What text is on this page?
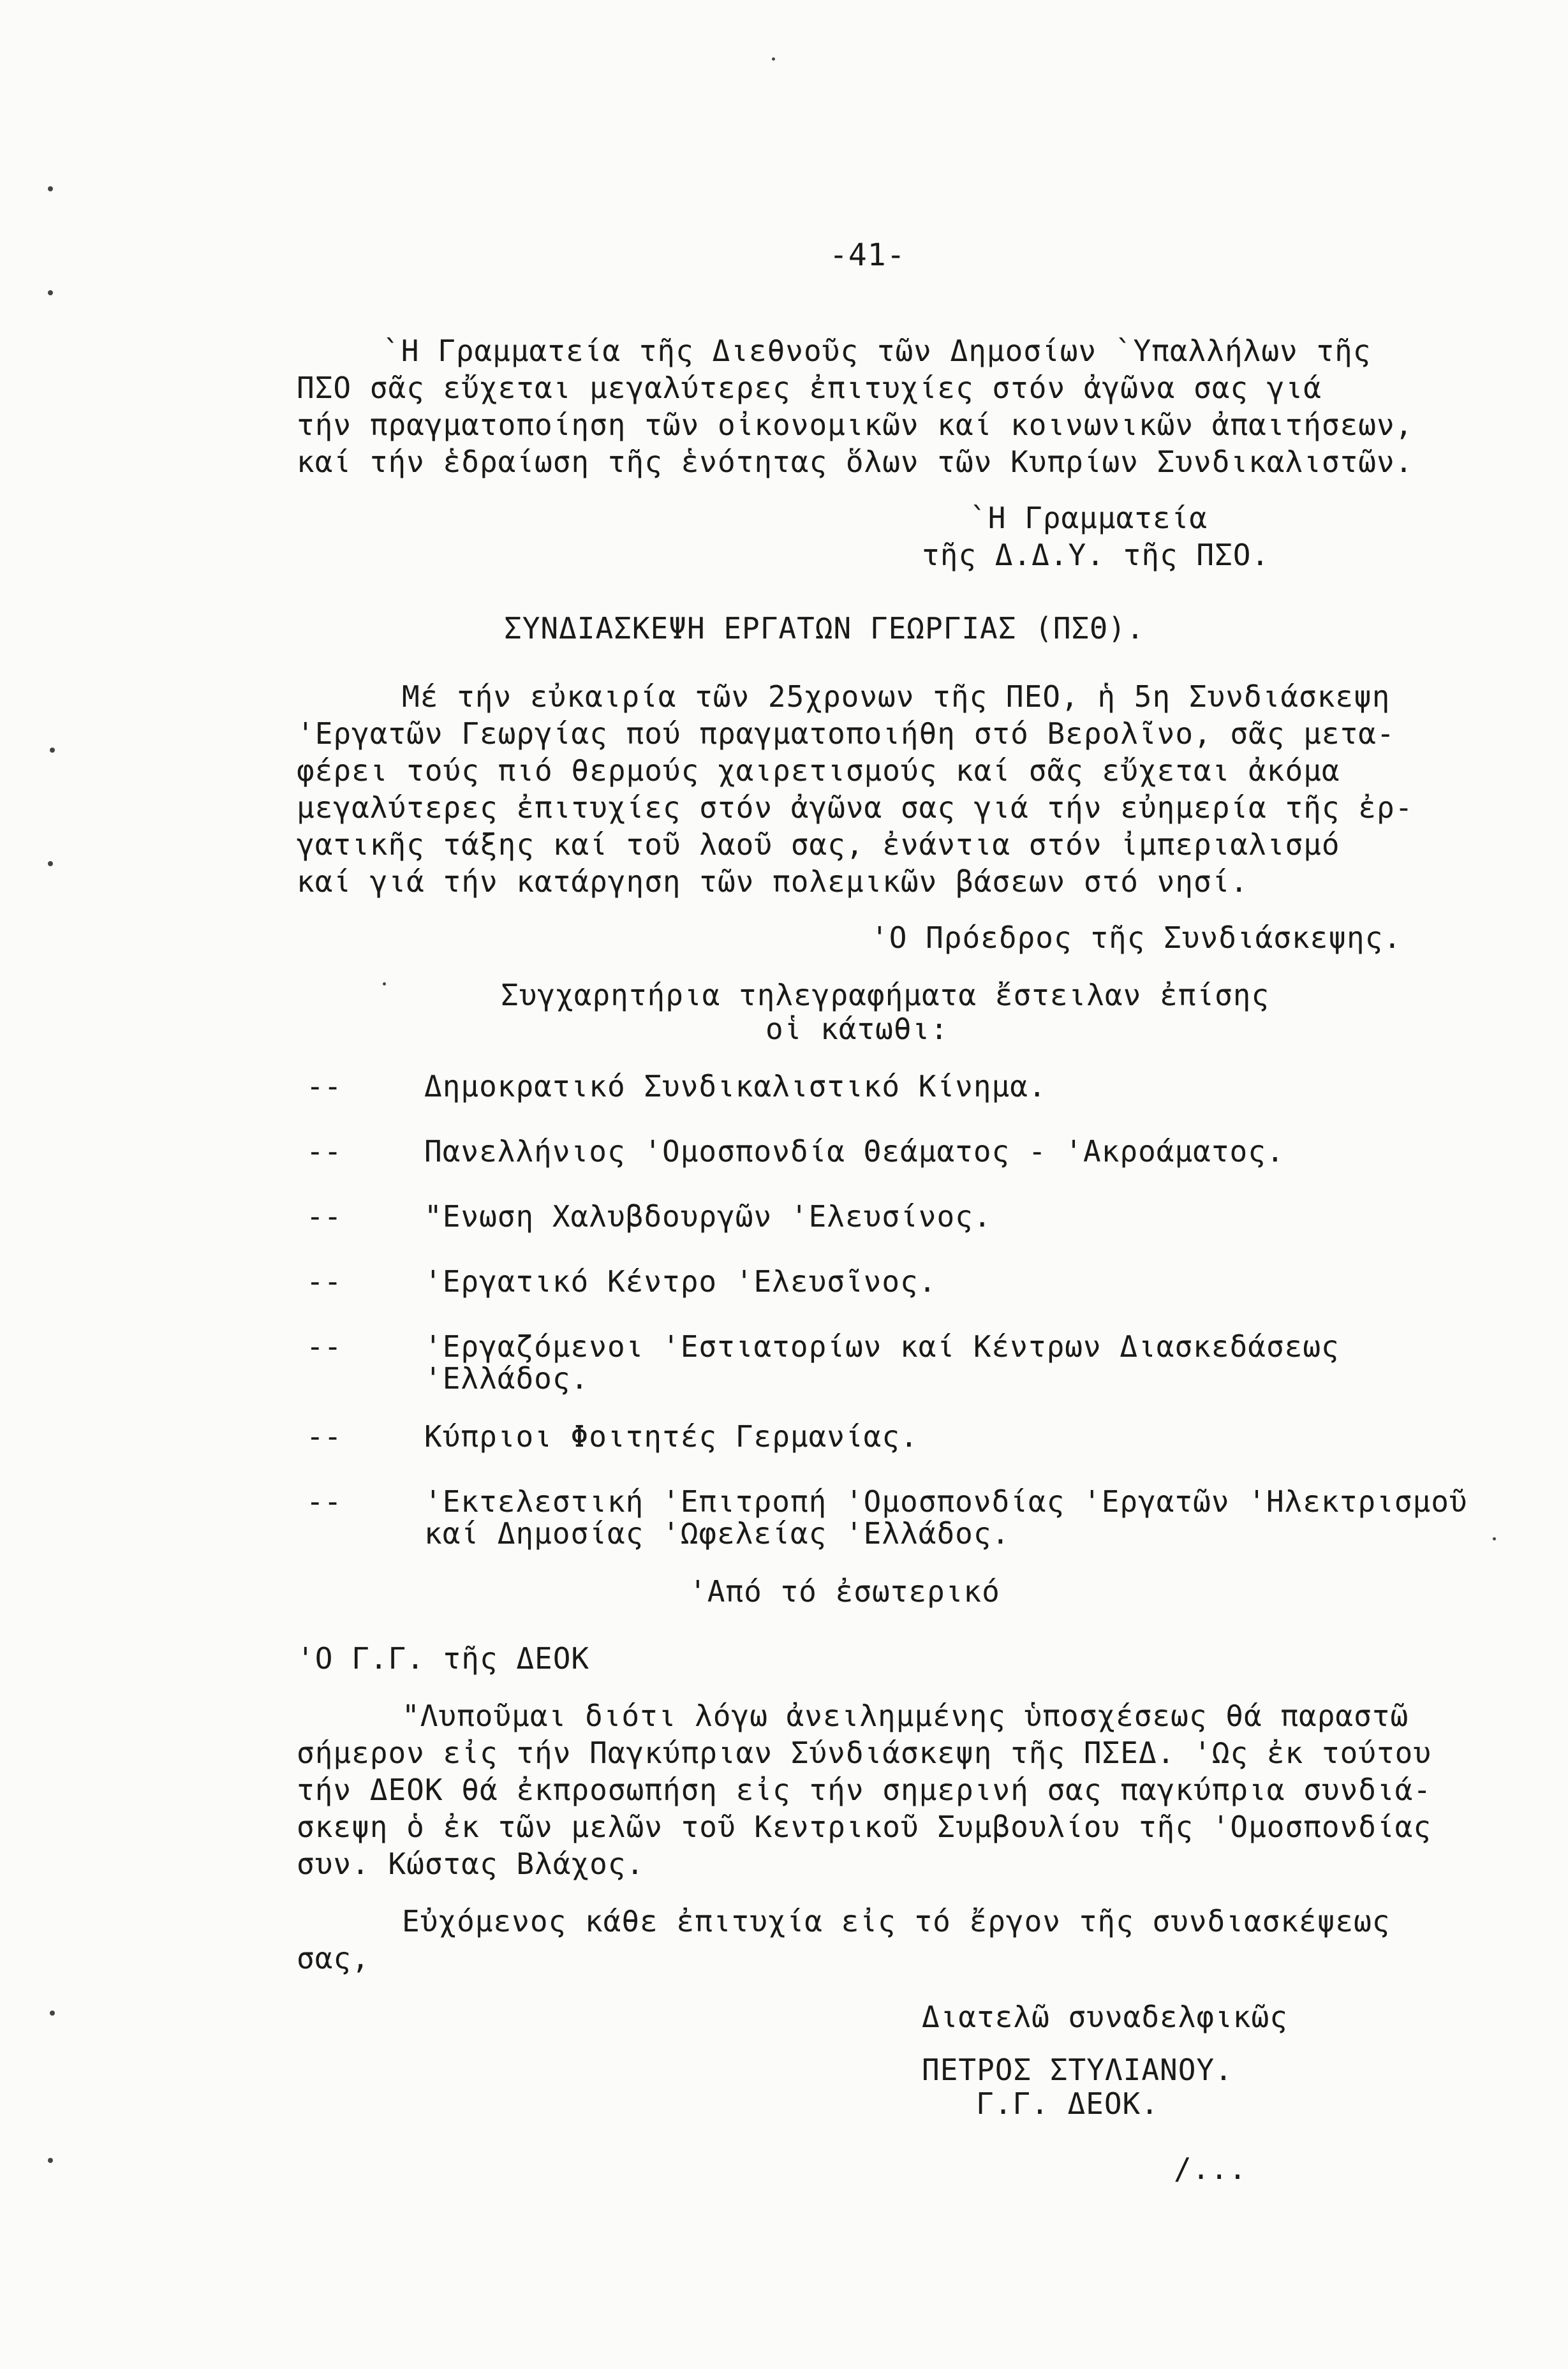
-41-
`Η Γραμματεία τῆς Διεθνοῦς τῶν Δημοσίων `Υπαλλήλων τῆς
ΠΣΟ σᾶς εὔχεται μεγαλύτερες ἐπιτυχίες στόν ἀγῶνα σας γιά
τήν πραγματοποίηση τῶν οἰκονομικῶν καί κοινωνικῶν ἀπαιτήσεων,
καί τήν ἑδραίωση τῆς ἑνότητας ὅλων τῶν Κυπρίων Συνδικαλιστῶν.
`Η Γραμματεία
τῆς Δ.Δ.Υ. τῆς ΠΣΟ.
ΣΥΝΔΙΑΣΚΕΨΗ ΕΡΓΑΤΩΝ ΓΕΩΡΓΙΑΣ (ΠΣΘ).
Μέ τήν εὐκαιρία τῶν 25χρονων τῆς ΠΕΟ, ἡ 5η Συνδιάσκεψη
'Εργατῶν Γεωργίας πού πραγματοποιήθη στό Βερολῖνο, σᾶς μετα-
φέρει τούς πιό θερμούς χαιρετισμούς καί σᾶς εὔχεται ἀκόμα
μεγαλύτερες ἐπιτυχίες στόν ἀγῶνα σας γιά τήν εὐημερία τῆς ἐρ-
γατικῆς τάξης καί τοῦ λαοῦ σας, ἐνάντια στόν ἰμπεριαλισμό
καί γιά τήν κατάργηση τῶν πολεμικῶν βάσεων στό νησί.
'Ο Πρόεδρος τῆς Συνδιάσκεψης.
Συγχαρητήρια τηλεγραφήματα ἔστειλαν ἐπίσης
οἱ κάτωθι:
--	Δημοκρατικό Συνδικαλιστικό Κίνημα.
--	Πανελλήνιος 'Ομοσπονδία Θεάματος - 'Ακροάματος.
--	"Ενωση Χαλυβδουργῶν 'Ελευσίνος.
--	'Εργατικό Κέντρο 'Ελευσῖνος.
--	'Εργαζόμενοι 'Εστιατορίων καί Κέντρων Διασκεδάσεως
'Ελλάδος.
--	Κύπριοι Φοιτητές Γερμανίας.
--	'Εκτελεστική 'Επιτροπή 'Ομοσπονδίας 'Εργατῶν 'Ηλεκτρισμοῦ
καί Δημοσίας 'Ωφελείας 'Ελλάδος.
'Από τό ἐσωτερικό
'Ο Γ.Γ. τῆς ΔΕΟΚ
"Λυποῦμαι διότι λόγω ἀνειλημμένης ὑποσχέσεως θά παραστῶ
σήμερον εἰς τήν Παγκύπριαν Σύνδιάσκεψη τῆς ΠΣΕΔ. 'Ως ἐκ τούτου
τήν ΔΕΟΚ θά ἐκπροσωπήση εἰς τήν σημερινή σας παγκύπρια συνδιά-
σκεψη ὁ ἐκ τῶν μελῶν τοῦ Κεντρικοῦ Συμβουλίου τῆς 'Ομοσπονδίας
συν. Κώστας Βλάχος.
Εὐχόμενος κάθε ἐπιτυχία εἰς τό ἔργον τῆς συνδιασκέψεως
σας,
Διατελῶ συναδελφικῶς
ΠΕΤΡΟΣ ΣΤΥΛΙΑΝΟΥ.
Γ.Γ. ΔΕΟΚ.
/...
